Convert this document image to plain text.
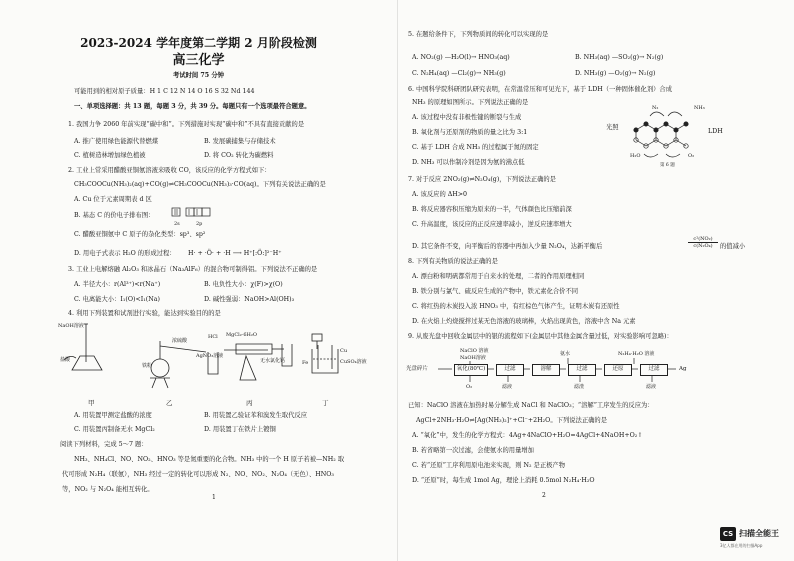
2023-2024 学年度第二学期 2 月阶段检测
高三化学
考试时间 75 分钟
可能用到的相对原子质量：H 1 C 12 N 14 O 16 S 32 Nd 144
一、单项选择题：共 13 题，每题 3 分，共 39 分。每题只有一个选项最符合题意。
1. 我国力争 2060 年前实现“碳中和”。下列措施对实现“碳中和”不具有直接贡献的是
A. 推广使用绿色能源代替燃煤	B. 发展碳捕集与存储技术
C. 植树造林增加绿色植被	D. 将 CO₂ 转化为碳燃料
2. 工业上常采用醋酸亚铜氨溶液来吸收 CO，该反应的化学方程式如下：
CH₃COOCu(NH₃)₂(aq)+CO(g)⇌CH₃COOCu(NH₃)₃·CO(aq)。下列有关说法正确的是
A. Cu 位于元素周期表 d 区
B. 基态 C 的价电子排布图：
2s	2p
C. 醋酸亚铜氨中 C 原子的杂化类型：sp³、sp²
D. 用电子式表示 H₂O 的形成过程： H· + ·Ö· + ·H ⟶ H⁺[:Ö:]²⁻H⁺
3. 工业上电解熔融 Al₂O₃ 和冰晶石（Na₃AlF₆）的混合物可制得铝。下列说法不正确的是
A. 半径大小：r(Al³⁺)<r(Na⁺)	B. 电负性大小：χ(F)>χ(O)
C. 电离能大小：I₁(O)<I₁(Na)	D. 碱性强弱：NaOH>Al(OH)₃
4. 利用下列装置和试剂进行实验，能达到实验目的的是
NaOH溶液
盐酸
浓硫酸
AgNO₃溶液
铁粉
HCl MgCl₂·6H₂O
无水氯化钙	Fe
Cu
CuSO₄溶液
甲	乙	丙	丁
A. 用装置甲测定盐酸的浓度	B. 用装置乙验证苯和溴发生取代反应
C. 用装置丙制备无水 MgCl₂	D. 用装置丁在铁片上镀铜
阅读下列材料，完成 5～7 题：
NH₃、NH₄Cl、NO、NO₂、HNO₃ 等是氮重要的化合物。NH₃ 中的一个 H 原子若被—NH₂ 取
代可形成 N₂H₄（联氨），NH₃ 经过一定的转化可以形成 N₂、NO、NO₂、N₂O₄（无色）、HNO₃
等，NO₂ 与 N₂O₄ 能相互转化。
1
5. 在题给条件下，下列物质间的转化可以实现的是
A. NO₂(g) —H₂O(l)→ HNO₃(aq)	B. NH₃(aq) —SO₂(g)→ N₂(g)
C. N₂H₄(aq) —Cl₂(g)→ NH₃(g)	D. NH₃(g) —O₂(g)→ N₂(g)
6. 中国科学院科研团队研究表明，在常温常压和可见光下，基于 LDH（一种固体催化剂）合成
NH₃ 的原理如图所示。下列说法正确的是
A. 该过程中没有非极性键的断裂与生成
B. 氧化剂与还原剂的物质的量之比为 3:1
C. 基于 LDH 合成 NH₃ 的过程属于氮的固定
D. NH₃ 可以作制冷剂是因为氨的沸点低
光照
LDH
N₂	NH₃
H₂O	O₂
第 6 题
7. 对于反应 2NO₂(g)⇌N₂O₄(g)，下列说法正确的是
A. 该反应的 ΔH>0
B. 将反应器容积压缩为原来的一半，气体颜色比压缩前深
C. 升高温度，该反应的正反应速率减小，逆反应速率增大
D. 其它条件不变，向平衡后的容器中再加入少量 N₂O₄，达新平衡后
c²(NO₂)
c(N₂O₄)	的值减小
8. 下列有关物质的说法正确的是
A. 漂白粉和明矾都常用于自来水的处理，二者的作用原理相同
B. 铁分别与氯气、硫反应生成的产物中，铁元素化合价不同
C. 将红热的木炭投入浓 HNO₃ 中，有红棕色气体产生，证明木炭有还原性
D. 在火焰上灼烧搅拌过某无色溶液的玻璃棒，火焰出现黄色，溶液中含 Na 元素
9. 从废光盘中回收金属层中的银的流程如下(金属层中其他金属含量过低，对实验影响可忽略)：
NaClO 溶液
NaOH溶液
氨水	N₂H₄·H₂O 溶液
光盘碎片	氧化(80℃)	过滤	溶解	过滤	还原	过滤	Ag
O₂	滤液	滤渣	滤液
已知：NaClO 溶液在加热时易分解生成 NaCl 和 NaClO₃；“溶解”工序发生的反应为：
AgCl+2NH₃·H₂O⇌[Ag(NH₃)₂]⁺+Cl⁻+2H₂O。下列说法正确的是
A. “氧化”中，发生的化学方程式：4Ag+4NaClO+H₂O=4AgCl+4NaOH+O₂↑
B. 若省略第一次过滤，会使氨水的用量增加
C. 若“还原”工序利用原电池来实现，则 N₂ 是正极产物
D. “还原”时，每生成 1mol Ag，理论上消耗 0.5mol N₂H₄·H₂O
2
CS 扫描全能王
3亿人都在用的扫描App
